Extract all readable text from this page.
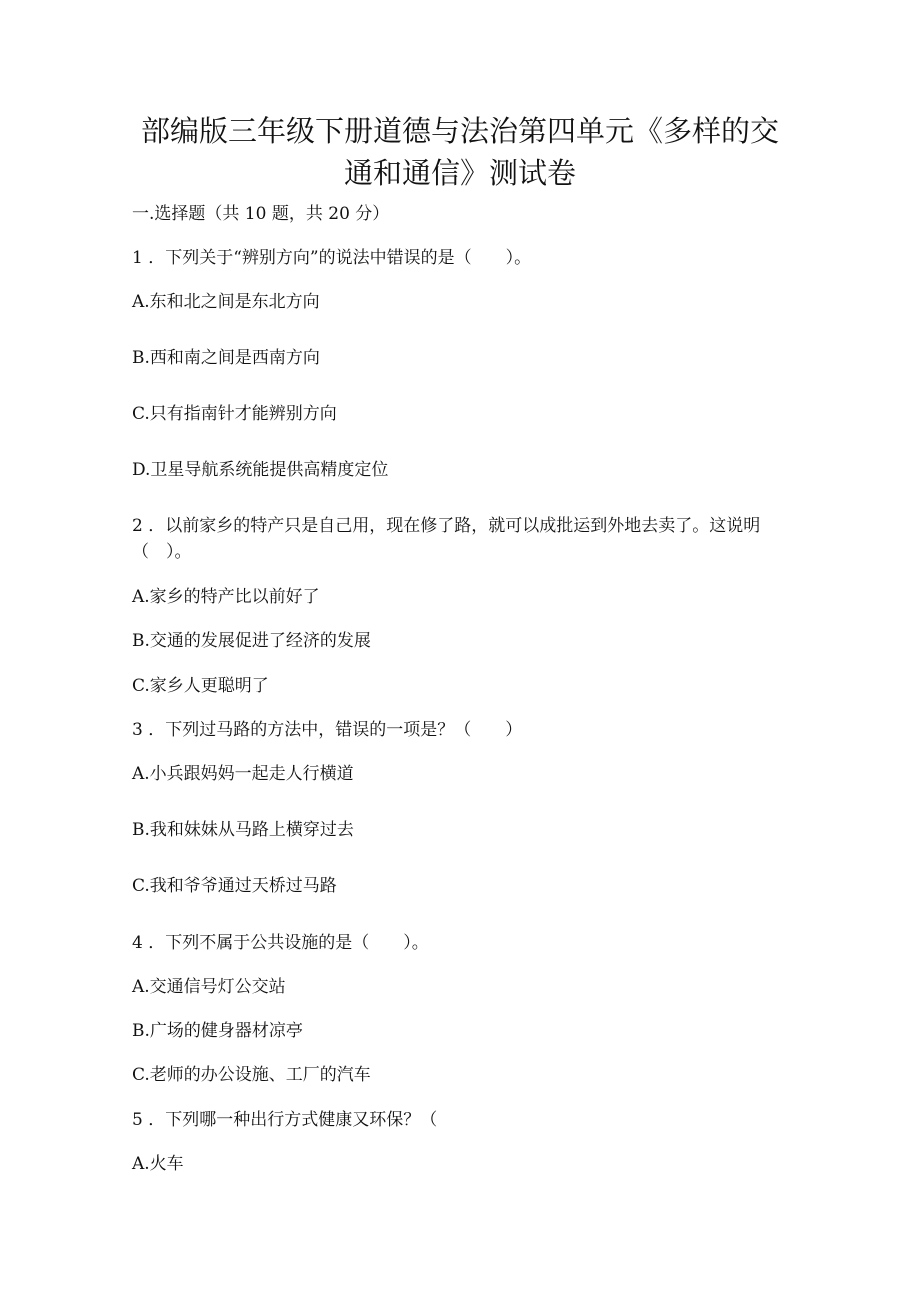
部编版三年级下册道德与法治第四单元《多样的交
通和通信》测试卷
一.选择题（共 10 题，共 20 分）
1 ．下列关于“辨别方向”的说法中错误的是（　　）。
A.东和北之间是东北方向
B.西和南之间是西南方向
C.只有指南针才能辨别方向
D.卫星导航系统能提供高精度定位
2 ．以前家乡的特产只是自己用，现在修了路，就可以成批运到外地去卖了。这说明（　）。
A.家乡的特产比以前好了
B.交通的发展促进了经济的发展
C.家乡人更聪明了
3 ．下列过马路的方法中，错误的一项是？（　　）
A.小兵跟妈妈一起走人行横道
B.我和妹妹从马路上横穿过去
C.我和爷爷通过天桥过马路
4 ．下列不属于公共设施的是（　　）。
A.交通信号灯公交站
B.广场的健身器材凉亭
C.老师的办公设施、工厂的汽车
5 ．下列哪一种出行方式健康又环保？（
A.火车
